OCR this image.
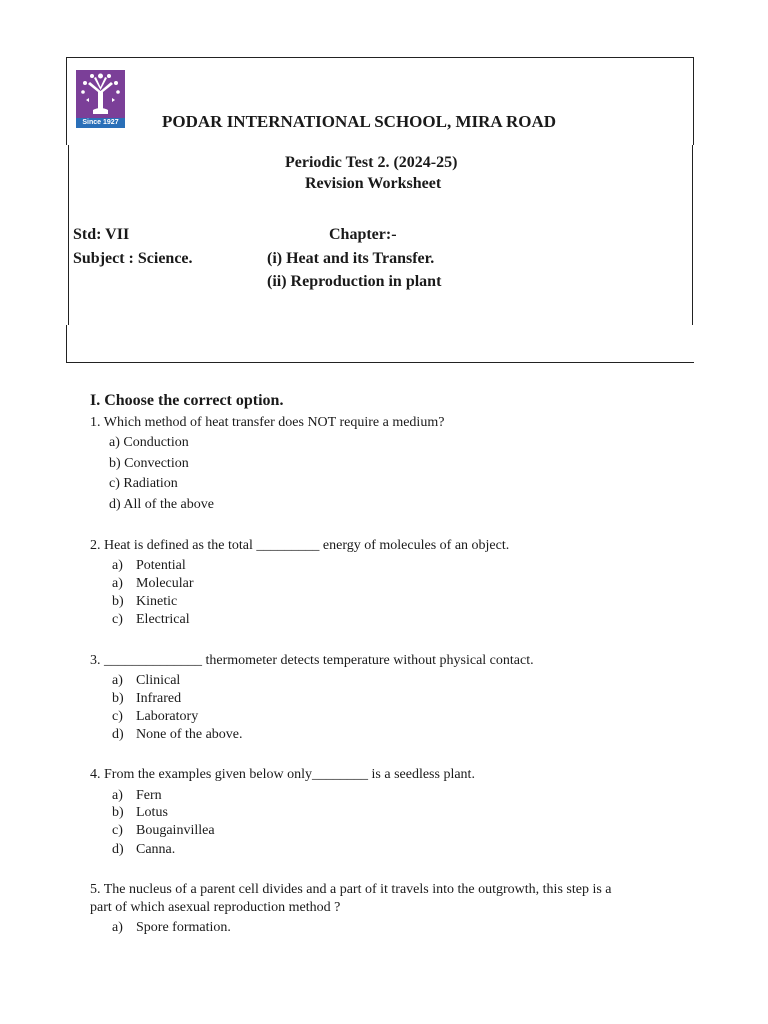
Since 1927	PODAR INTERNATIONAL SCHOOL, MIRA ROAD
Periodic Test 2. (2024-25)
Revision Worksheet
Std: VII	Chapter:-
Subject : Science.	(i) Heat and its Transfer.
(ii) Reproduction in plant
I. Choose the correct option.
1. Which method of heat transfer does NOT require a medium?
a) Conduction
b) Convection
c) Radiation
d) All of the above
2. Heat is defined as the total _________ energy of molecules of an object.
a) Potential
a) Molecular
b) Kinetic
c) Electrical
3. ______________ thermometer detects temperature without physical contact.
a) Clinical
b) Infrared
c) Laboratory
d) None of the above.
4. From the examples given below only________ is a seedless plant.
a) Fern
b) Lotus
c) Bougainvillea
d) Canna.
5. The nucleus of a parent cell divides and a part of it travels into the outgrowth, this step is a
part of which asexual reproduction method ?
a) Spore formation.
